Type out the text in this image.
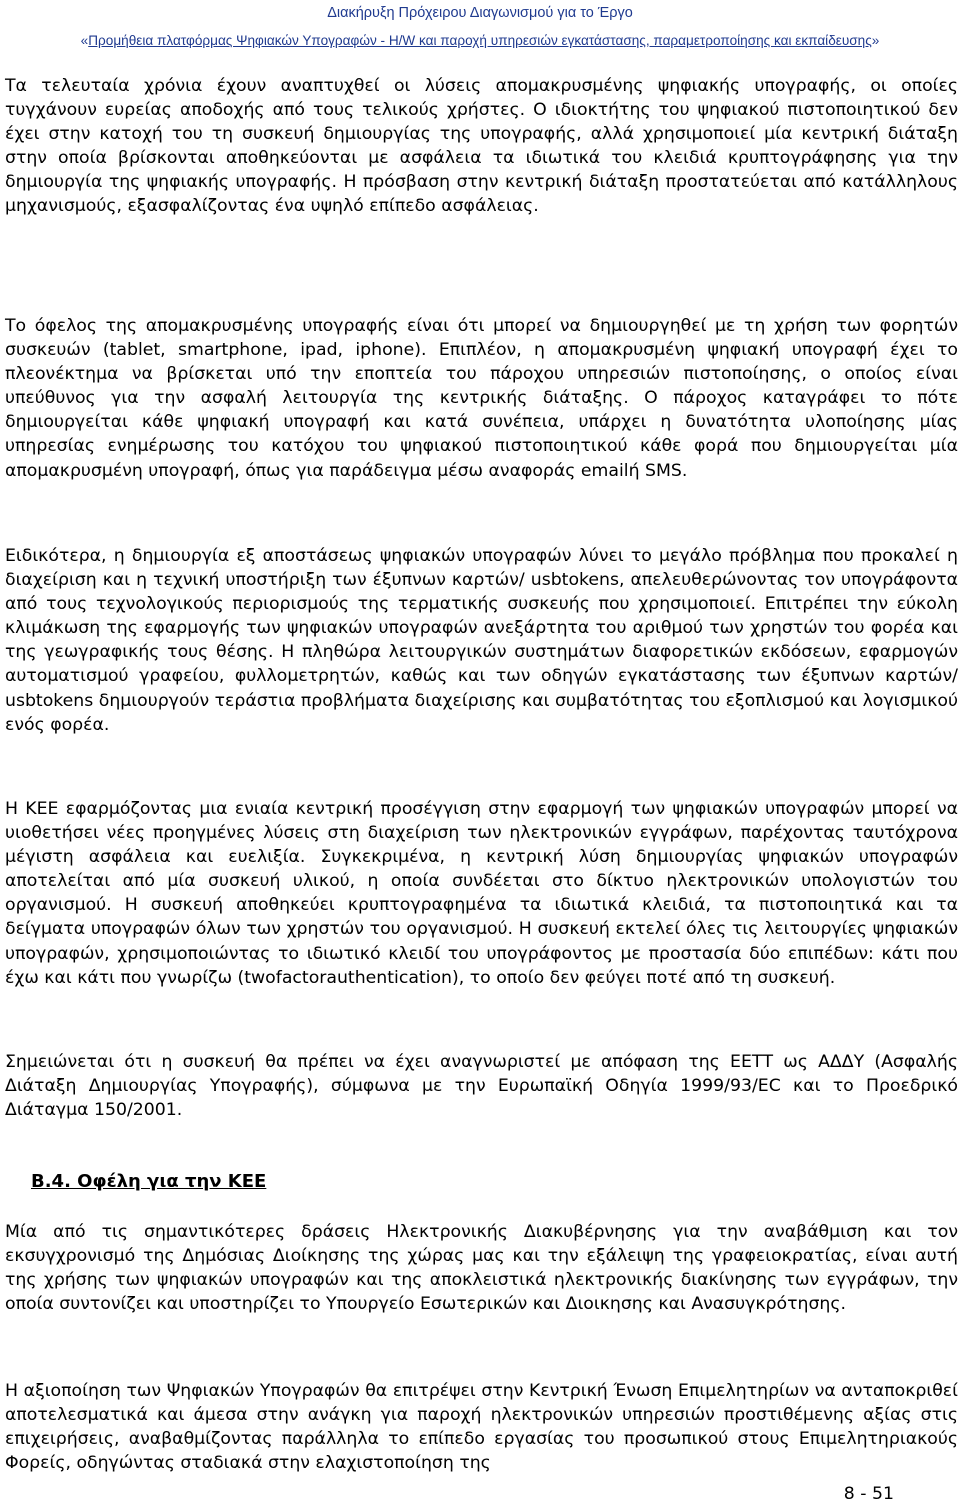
Διακήρυξη Πρόχειρου Διαγωνισμού για το Έργο
«Προμήθεια πλατφόρμας Ψηφιακών Υπογραφών - H/W και παροχή υπηρεσιών εγκατάστασης, παραμετροποίησης και εκπαίδευσης»

Τα τελευταία χρόνια έχουν αναπτυχθεί οι λύσεις απομακρυσμένης ψηφιακής υπογραφής, οι οποίες τυγχάνουν ευρείας αποδοχής από τους τελικούς χρήστες. Ο ιδιοκτήτης του ψηφιακού πιστοποιητικού δεν έχει στην κατοχή του τη συσκευή δημιουργίας της υπογραφής, αλλά χρησιμοποιεί μία κεντρική διάταξη στην οποία βρίσκονται αποθηκεύονται με ασφάλεια τα ιδιωτικά του κλειδιά κρυπτογράφησης για την δημιουργία της ψηφιακής υπογραφής. Η πρόσβαση στην κεντρική διάταξη προστατεύεται από κατάλληλους μηχανισμούς, εξασφαλίζοντας ένα υψηλό επίπεδο ασφάλειας.

Το όφελος της απομακρυσμένης υπογραφής είναι ότι μπορεί να δημιουργηθεί με τη χρήση των φορητών συσκευών (tablet, smartphone, ipad, iphone). Επιπλέον, η απομακρυσμένη ψηφιακή υπογραφή έχει το πλεονέκτημα να βρίσκεται υπό την εποπτεία του πάροχου υπηρεσιών πιστοποίησης, ο οποίος είναι υπεύθυνος για την ασφαλή λειτουργία της κεντρικής διάταξης. Ο πάροχος καταγράφει το πότε δημιουργείται κάθε ψηφιακή υπογραφή και κατά συνέπεια, υπάρχει η δυνατότητα υλοποίησης μίας υπηρεσίας ενημέρωσης του κατόχου του ψηφιακού πιστοποιητικού κάθε φορά που δημιουργείται μία απομακρυσμένη υπογραφή, όπως για παράδειγμα μέσω αναφοράς emailή SMS.

Ειδικότερα, η δημιουργία εξ αποστάσεως ψηφιακών υπογραφών λύνει το μεγάλο πρόβλημα που προκαλεί η διαχείριση και η τεχνική υποστήριξη των έξυπνων καρτών/ usbtokens, απελευθερώνοντας τον υπογράφοντα από τους τεχνολογικούς περιορισμούς της τερματικής συσκευής που χρησιμοποιεί. Επιτρέπει την εύκολη κλιμάκωση της εφαρμογής των ψηφιακών υπογραφών ανεξάρτητα του αριθμού των χρηστών του φορέα και της γεωγραφικής τους θέσης. Η πληθώρα λειτουργικών συστημάτων διαφορετικών εκδόσεων, εφαρμογών αυτοματισμού γραφείου, φυλλομετρητών, καθώς και των οδηγών εγκατάστασης των έξυπνων καρτών/ usbtokens δημιουργούν τεράστια προβλήματα διαχείρισης και συμβατότητας του εξοπλισμού και λογισμικού ενός φορέα.

Η ΚΕΕ εφαρμόζοντας μια ενιαία κεντρική προσέγγιση στην εφαρμογή των ψηφιακών υπογραφών μπορεί να υιοθετήσει νέες προηγμένες λύσεις στη διαχείριση των ηλεκτρονικών εγγράφων, παρέχοντας ταυτόχρονα μέγιστη ασφάλεια και ευελιξία. Συγκεκριμένα, η κεντρική λύση δημιουργίας ψηφιακών υπογραφών αποτελείται από μία συσκευή υλικού, η οποία συνδέεται στο δίκτυο ηλεκτρονικών υπολογιστών του οργανισμού. Η συσκευή αποθηκεύει κρυπτογραφημένα τα ιδιωτικά κλειδιά, τα πιστοποιητικά και τα δείγματα υπογραφών όλων των χρηστών του οργανισμού. Η συσκευή εκτελεί όλες τις λειτουργίες ψηφιακών υπογραφών, χρησιμοποιώντας το ιδιωτικό κλειδί του υπογράφοντος με προστασία δύο επιπέδων: κάτι που έχω και κάτι που γνωρίζω (twofactorauthentication), το οποίο δεν φεύγει ποτέ από τη συσκευή.

Σημειώνεται ότι η συσκευή θα πρέπει να έχει αναγνωριστεί με απόφαση της ΕΕΤΤ ως ΑΔΔΥ (Ασφαλής Διάταξη Δημιουργίας Υπογραφής), σύμφωνα με την Ευρωπαϊκή Οδηγία 1999/93/EC και το Προεδρικό Διάταγμα 150/2001.

Β.4. Οφέλη για την ΚΕΕ

Μία από τις σημαντικότερες δράσεις Ηλεκτρονικής Διακυβέρνησης για την αναβάθμιση και τον εκσυγχρονισμό της Δημόσιας Διοίκησης της χώρας μας και την εξάλειψη της γραφειοκρατίας, είναι αυτή της χρήσης των ψηφιακών υπογραφών και της αποκλειστικά ηλεκτρονικής διακίνησης των εγγράφων, την οποία συντονίζει και υποστηρίζει το Υπουργείο Εσωτερικών και Διοικησης και Ανασυγκρότησης.

Η αξιοποίηση των Ψηφιακών Υπογραφών θα επιτρέψει στην Κεντρική Ένωση Επιμελητηρίων να ανταποκριθεί αποτελεσματικά και άμεσα στην ανάγκη για παροχή ηλεκτρονικών υπηρεσιών προστιθέμενης αξίας στις επιχειρήσεις, αναβαθμίζοντας παράλληλα το επίπεδο εργασίας του προσωπικού στους Επιμελητηριακούς Φορείς, οδηγώντας σταδιακά στην ελαχιστοποίηση της

8 - 51
